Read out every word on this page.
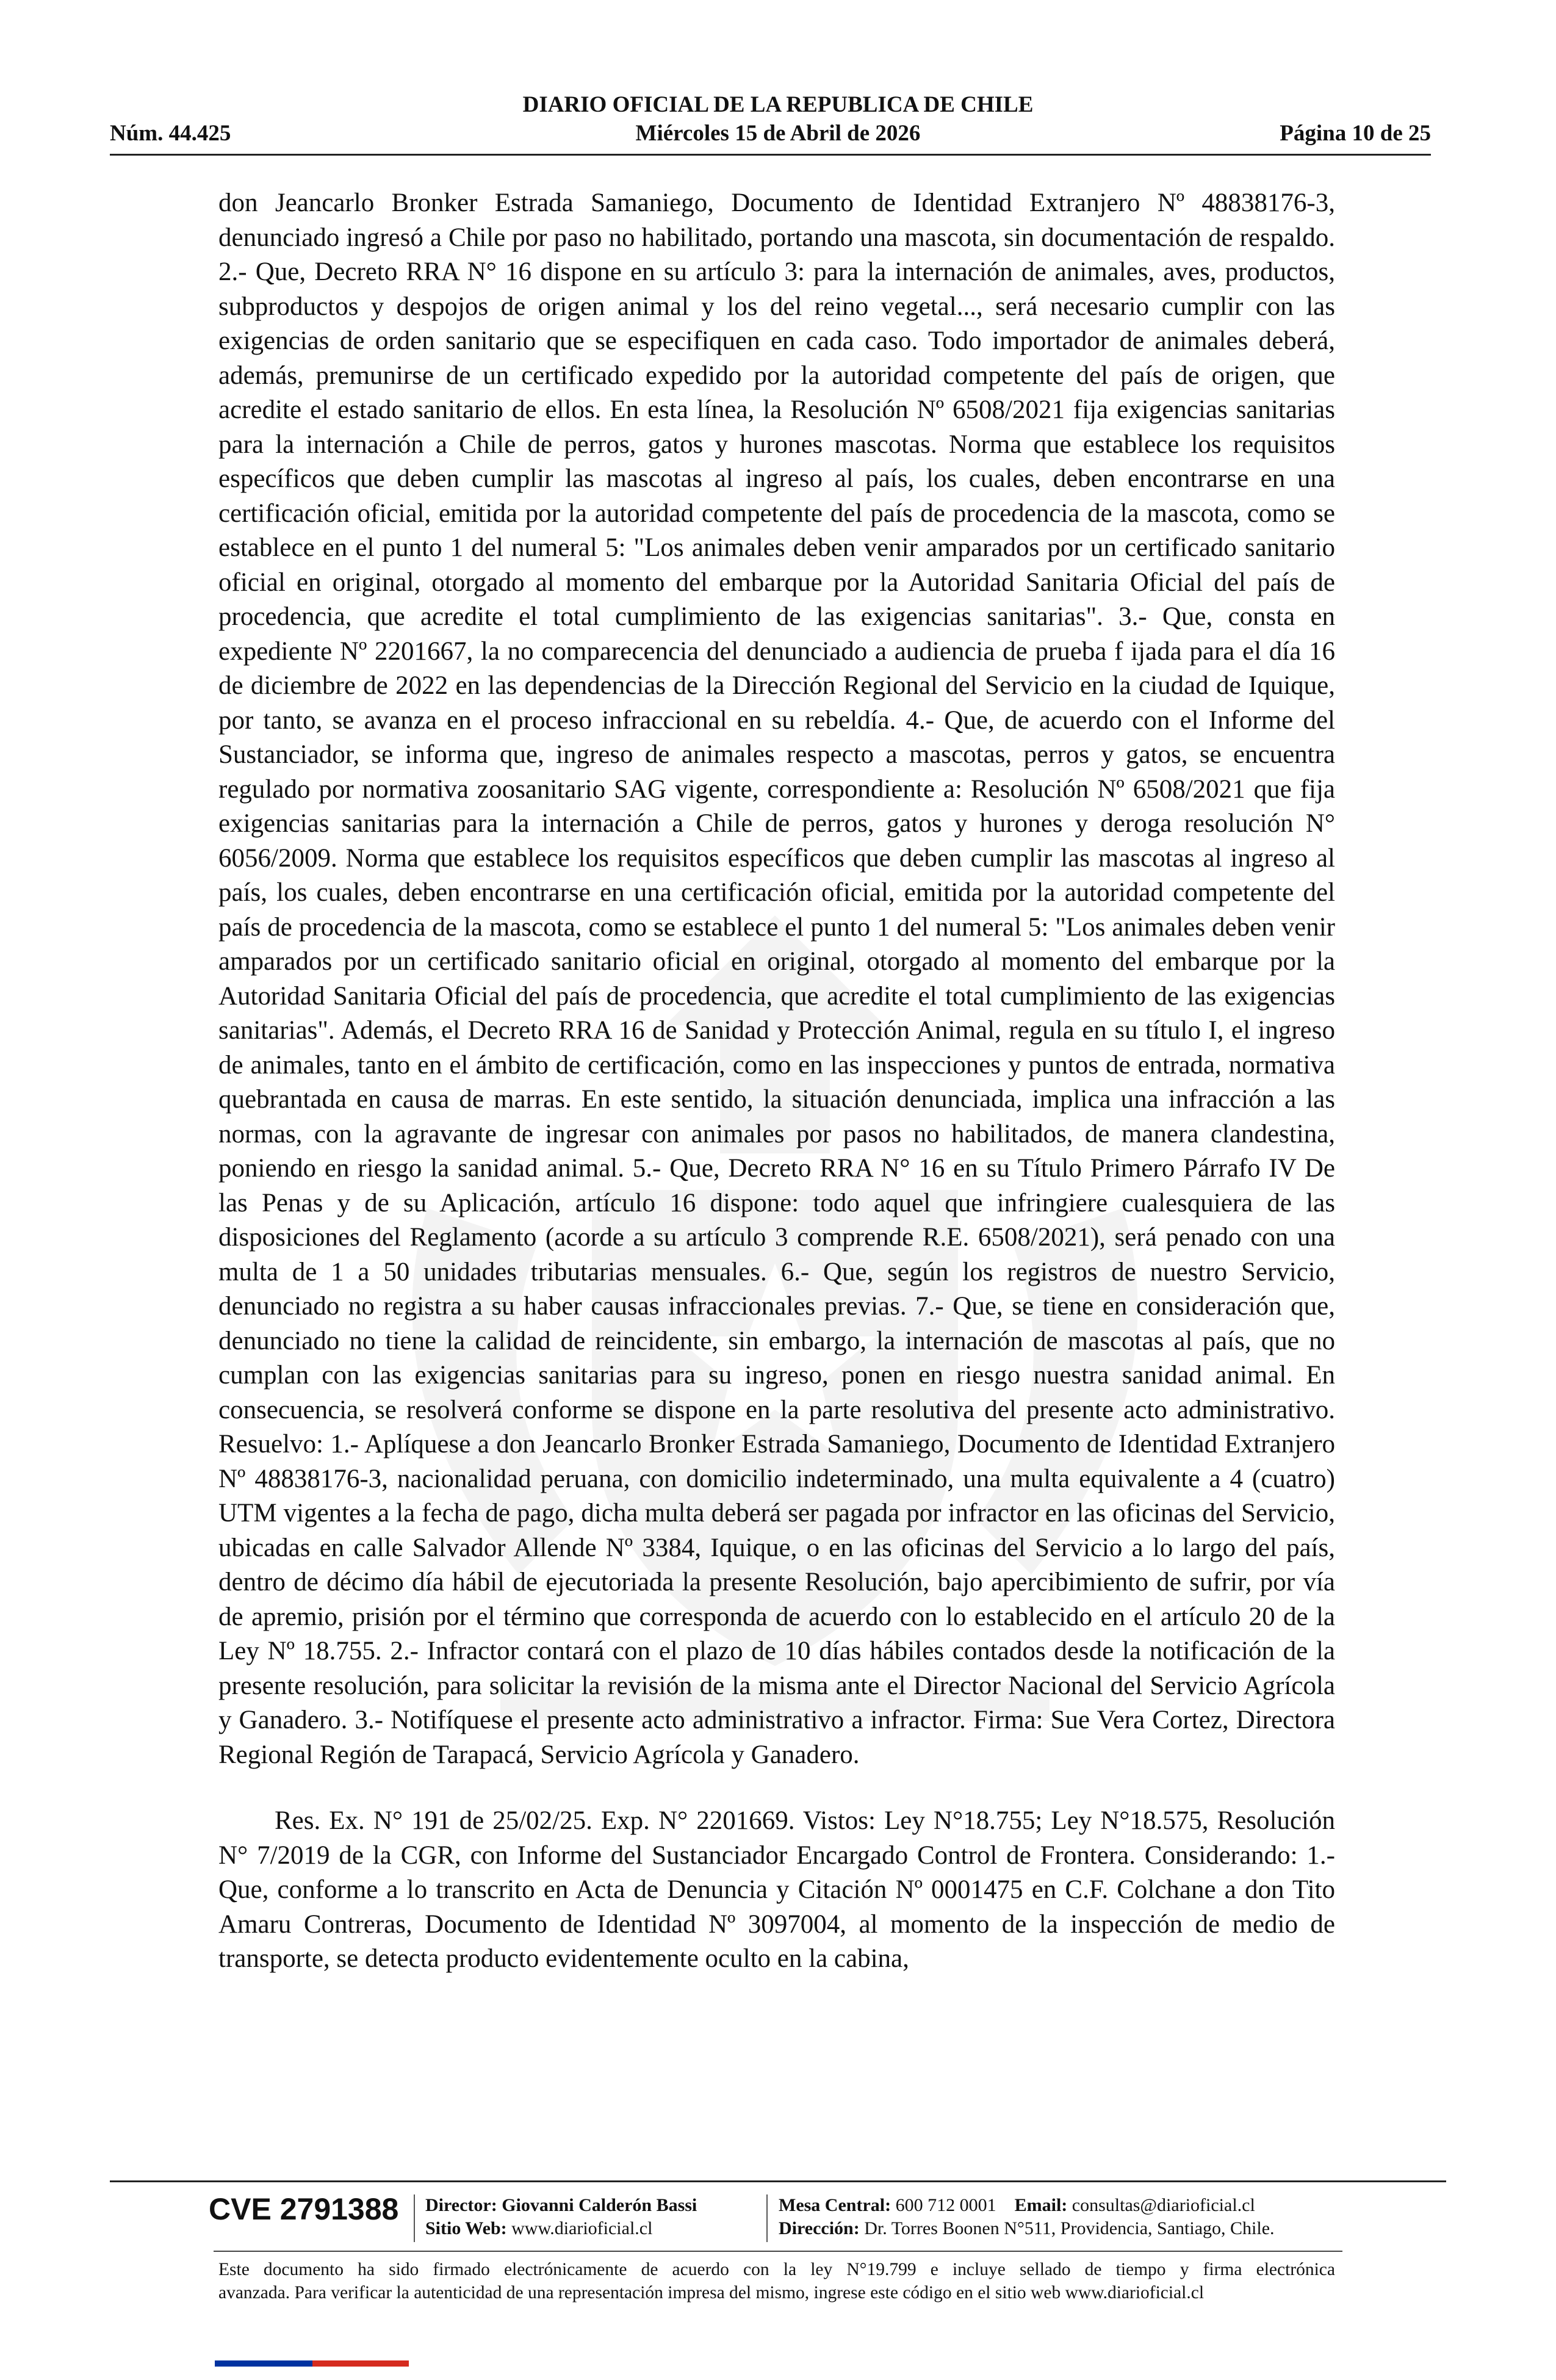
DIARIO OFICIAL DE LA REPUBLICA DE CHILE
Núm. 44.425	Miércoles 15 de Abril de 2026	Página 10 de 25

don Jeancarlo Bronker Estrada Samaniego, Documento de Identidad Extranjero Nº 48838176-3, denunciado ingresó a Chile por paso no habilitado, portando una mascota, sin documentación de respaldo. 2.- Que, Decreto RRA N° 16 dispone en su artículo 3: para la internación de animales, aves, productos, subproductos y despojos de origen animal y los del reino vegetal..., será necesario cumplir con las exigencias de orden sanitario que se especifiquen en cada caso. Todo importador de animales deberá, además, premunirse de un certificado expedido por la autoridad competente del país de origen, que acredite el estado sanitario de ellos. En esta línea, la Resolución Nº 6508/2021 fija exigencias sanitarias para la internación a Chile de perros, gatos y hurones mascotas. Norma que establece los requisitos específicos que deben cumplir las mascotas al ingreso al país, los cuales, deben encontrarse en una certificación oficial, emitida por la autoridad competente del país de procedencia de la mascota, como se establece en el punto 1 del numeral 5: "Los animales deben venir amparados por un certificado sanitario oficial en original, otorgado al momento del embarque por la Autoridad Sanitaria Oficial del país de procedencia, que acredite el total cumplimiento de las exigencias sanitarias". 3.- Que, consta en expediente Nº 2201667, la no comparecencia del denunciado a audiencia de prueba f ijada para el día 16 de diciembre de 2022 en las dependencias de la Dirección Regional del Servicio en la ciudad de Iquique, por tanto, se avanza en el proceso infraccional en su rebeldía. 4.- Que, de acuerdo con el Informe del Sustanciador, se informa que, ingreso de animales respecto a mascotas, perros y gatos, se encuentra regulado por normativa zoosanitario SAG vigente, correspondiente a: Resolución Nº 6508/2021 que fija exigencias sanitarias para la internación a Chile de perros, gatos y hurones y deroga resolución N° 6056/2009. Norma que establece los requisitos específicos que deben cumplir las mascotas al ingreso al país, los cuales, deben encontrarse en una certificación oficial, emitida por la autoridad competente del país de procedencia de la mascota, como se establece el punto 1 del numeral 5: "Los animales deben venir amparados por un certificado sanitario oficial en original, otorgado al momento del embarque por la Autoridad Sanitaria Oficial del país de procedencia, que acredite el total cumplimiento de las exigencias sanitarias". Además, el Decreto RRA 16 de Sanidad y Protección Animal, regula en su título I, el ingreso de animales, tanto en el ámbito de certificación, como en las inspecciones y puntos de entrada, normativa quebrantada en causa de marras. En este sentido, la situación denunciada, implica una infracción a las normas, con la agravante de ingresar con animales por pasos no habilitados, de manera clandestina, poniendo en riesgo la sanidad animal. 5.- Que, Decreto RRA N° 16 en su Título Primero Párrafo IV De las Penas y de su Aplicación, artículo 16 dispone: todo aquel que infringiere cualesquiera de las disposiciones del Reglamento (acorde a su artículo 3 comprende R.E. 6508/2021), será penado con una multa de 1 a 50 unidades tributarias mensuales. 6.- Que, según los registros de nuestro Servicio, denunciado no registra a su haber causas infraccionales previas. 7.- Que, se tiene en consideración que, denunciado no tiene la calidad de reincidente, sin embargo, la internación de mascotas al país, que no cumplan con las exigencias sanitarias para su ingreso, ponen en riesgo nuestra sanidad animal. En consecuencia, se resolverá conforme se dispone en la parte resolutiva del presente acto administrativo. Resuelvo: 1.- Aplíquese a don Jeancarlo Bronker Estrada Samaniego, Documento de Identidad Extranjero Nº 48838176-3, nacionalidad peruana, con domicilio indeterminado, una multa equivalente a 4 (cuatro) UTM vigentes a la fecha de pago, dicha multa deberá ser pagada por infractor en las oficinas del Servicio, ubicadas en calle Salvador Allende Nº 3384, Iquique, o en las oficinas del Servicio a lo largo del país, dentro de décimo día hábil de ejecutoriada la presente Resolución, bajo apercibimiento de sufrir, por vía de apremio, prisión por el término que corresponda de acuerdo con lo establecido en el artículo 20 de la Ley Nº 18.755. 2.- Infractor contará con el plazo de 10 días hábiles contados desde la notificación de la presente resolución, para solicitar la revisión de la misma ante el Director Nacional del Servicio Agrícola y Ganadero. 3.- Notifíquese el presente acto administrativo a infractor. Firma: Sue Vera Cortez, Directora Regional Región de Tarapacá, Servicio Agrícola y Ganadero.

Res. Ex. N° 191 de 25/02/25. Exp. N° 2201669. Vistos: Ley N°18.755; Ley N°18.575, Resolución N° 7/2019 de la CGR, con Informe del Sustanciador Encargado Control de Frontera. Considerando: 1.- Que, conforme a lo transcrito en Acta de Denuncia y Citación Nº 0001475 en C.F. Colchane a don Tito Amaru Contreras, Documento de Identidad Nº 3097004, al momento de la inspección de medio de transporte, se detecta producto evidentemente oculto en la cabina,

CVE 2791388 Director: Giovanni Calderón Bassi
Sitio Web: www.diarioficial.cl
Mesa Central: 600 712 0001 Email: consultas@diarioficial.cl
Dirección: Dr. Torres Boonen N°511, Providencia, Santiago, Chile.
Este documento ha sido firmado electrónicamente de acuerdo con la ley N°19.799 e incluye sellado de tiempo y firma electrónica
avanzada. Para verificar la autenticidad de una representación impresa del mismo, ingrese este código en el sitio web www.diarioficial.cl
